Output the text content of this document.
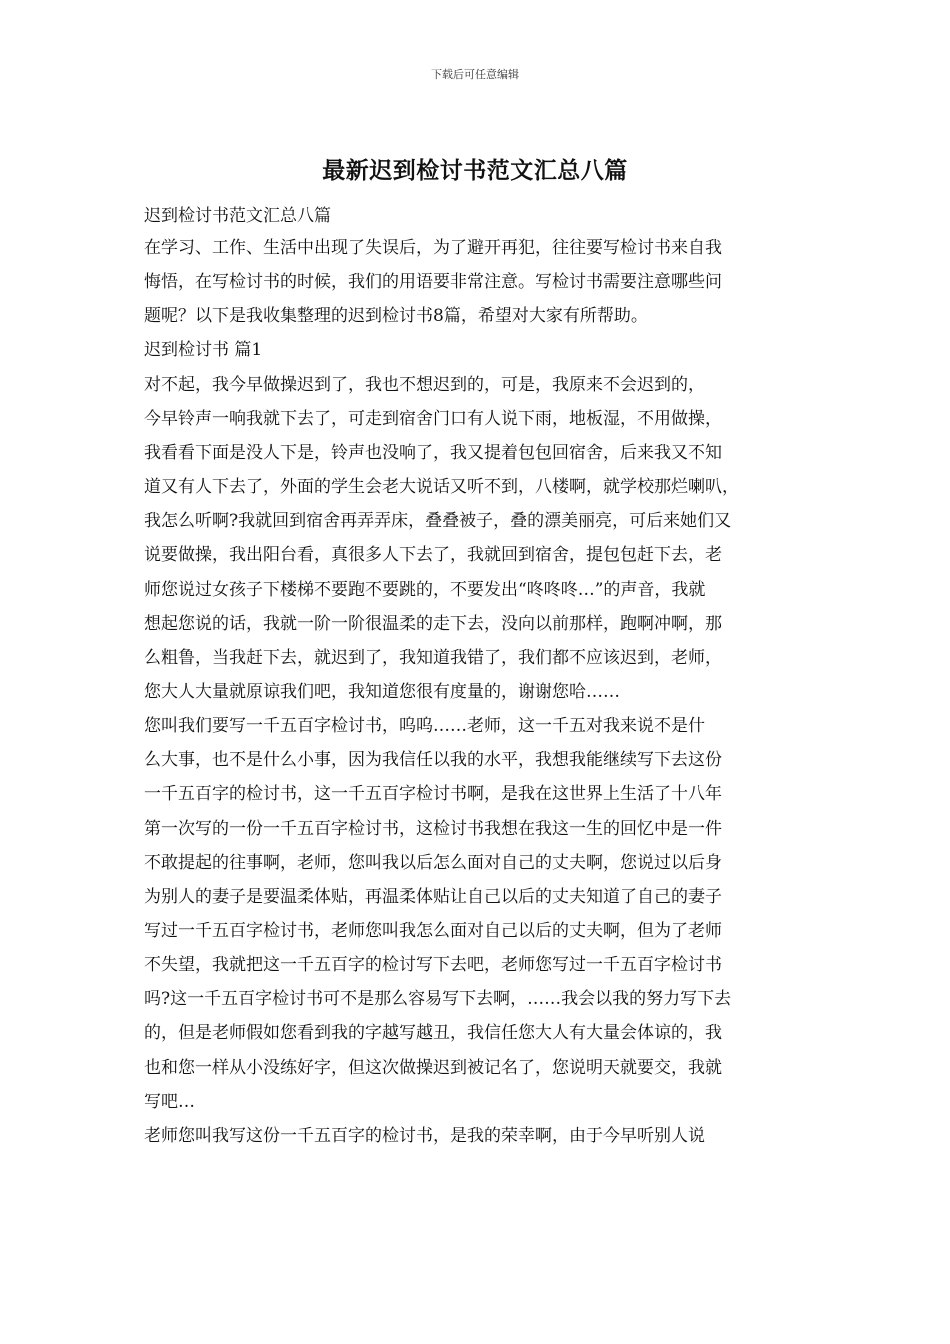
下载后可任意编辑
最新迟到检讨书范文汇总八篇
迟到检讨书范文汇总八篇
在学习、工作、生活中出现了失误后，为了避开再犯，往往要写检讨书来自我
悔悟，在写检讨书的时候，我们的用语要非常注意。写检讨书需要注意哪些问
题呢？以下是我收集整理的迟到检讨书8篇，希望对大家有所帮助。
迟到检讨书 篇1
对不起，我今早做操迟到了，我也不想迟到的，可是，我原来不会迟到的，
今早铃声一响我就下去了，可走到宿舍门口有人说下雨，地板湿，不用做操，
我看看下面是没人下是，铃声也没响了，我又提着包包回宿舍，后来我又不知
道又有人下去了，外面的学生会老大说话又听不到，八楼啊，就学校那烂喇叭，
我怎么听啊?我就回到宿舍再弄弄床，叠叠被子，叠的漂美丽亮，可后来她们又
说要做操，我出阳台看，真很多人下去了，我就回到宿舍，提包包赶下去，老
师您说过女孩子下楼梯不要跑不要跳的，不要发出“咚咚咚…”的声音，我就
想起您说的话，我就一阶一阶很温柔的走下去，没向以前那样，跑啊冲啊，那
么粗鲁，当我赶下去，就迟到了，我知道我错了，我们都不应该迟到，老师，
您大人大量就原谅我们吧，我知道您很有度量的，谢谢您哈……
您叫我们要写一千五百字检讨书，呜呜……老师，这一千五对我来说不是什
么大事，也不是什么小事，因为我信任以我的水平，我想我能继续写下去这份
一千五百字的检讨书，这一千五百字检讨书啊，是我在这世界上生活了十八年
第一次写的一份一千五百字检讨书，这检讨书我想在我这一生的回忆中是一件
不敢提起的往事啊，老师，您叫我以后怎么面对自己的丈夫啊，您说过以后身
为别人的妻子是要温柔体贴，再温柔体贴让自己以后的丈夫知道了自己的妻子
写过一千五百字检讨书，老师您叫我怎么面对自己以后的丈夫啊，但为了老师
不失望，我就把这一千五百字的检讨写下去吧，老师您写过一千五百字检讨书
吗?这一千五百字检讨书可不是那么容易写下去啊，……我会以我的努力写下去
的，但是老师假如您看到我的字越写越丑，我信任您大人有大量会体谅的，我
也和您一样从小没练好字，但这次做操迟到被记名了，您说明天就要交，我就
写吧…
老师您叫我写这份一千五百字的检讨书，是我的荣幸啊，由于今早听别人说
